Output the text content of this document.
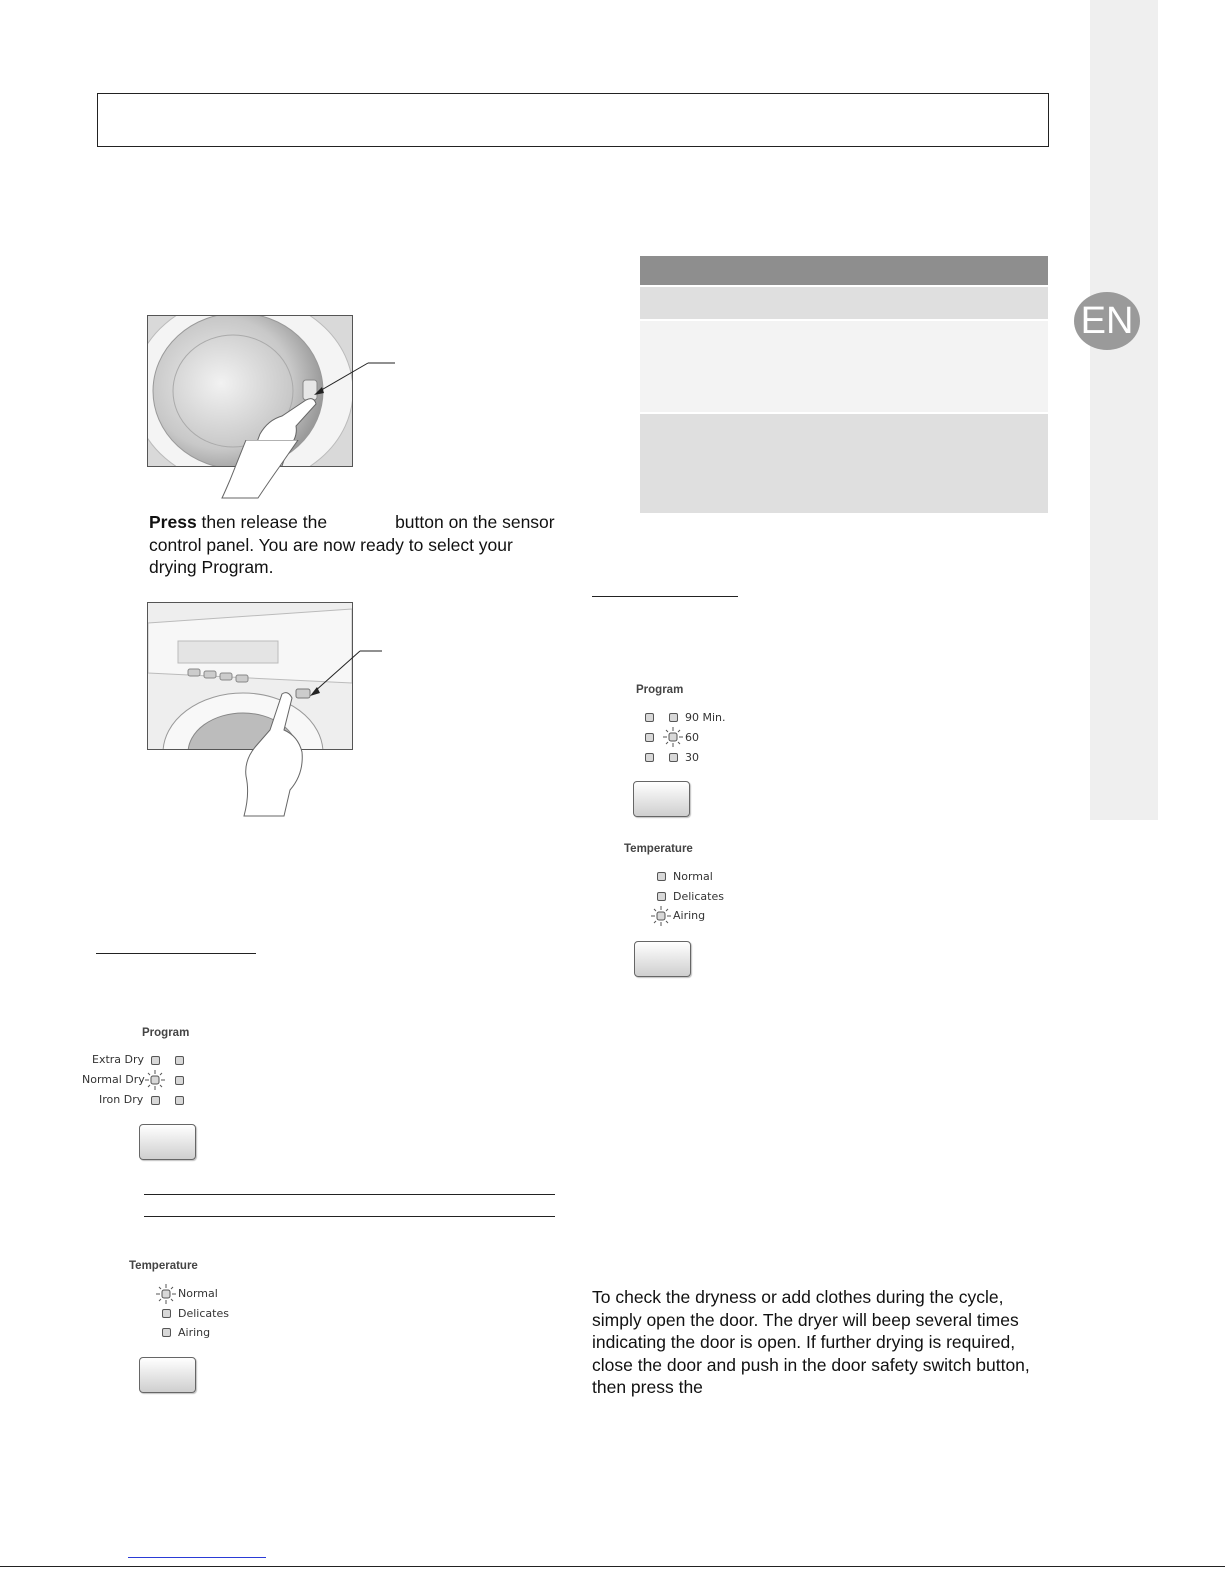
EN
Press then release the	button on the sensor
control panel. You are now ready to select your
drying Program.
Program
Extra Dry
Normal Dry
Iron Dry
Temperature
Normal
Delicates
Airing
Program
90 Min.
60
30
Temperature
Normal
Delicates
Airing
To check the dryness or add clothes during the cycle,
simply open the door. The dryer will beep several times
indicating the door is open. If further drying is required,
close the door and push in the door safety switch button,
then press the
